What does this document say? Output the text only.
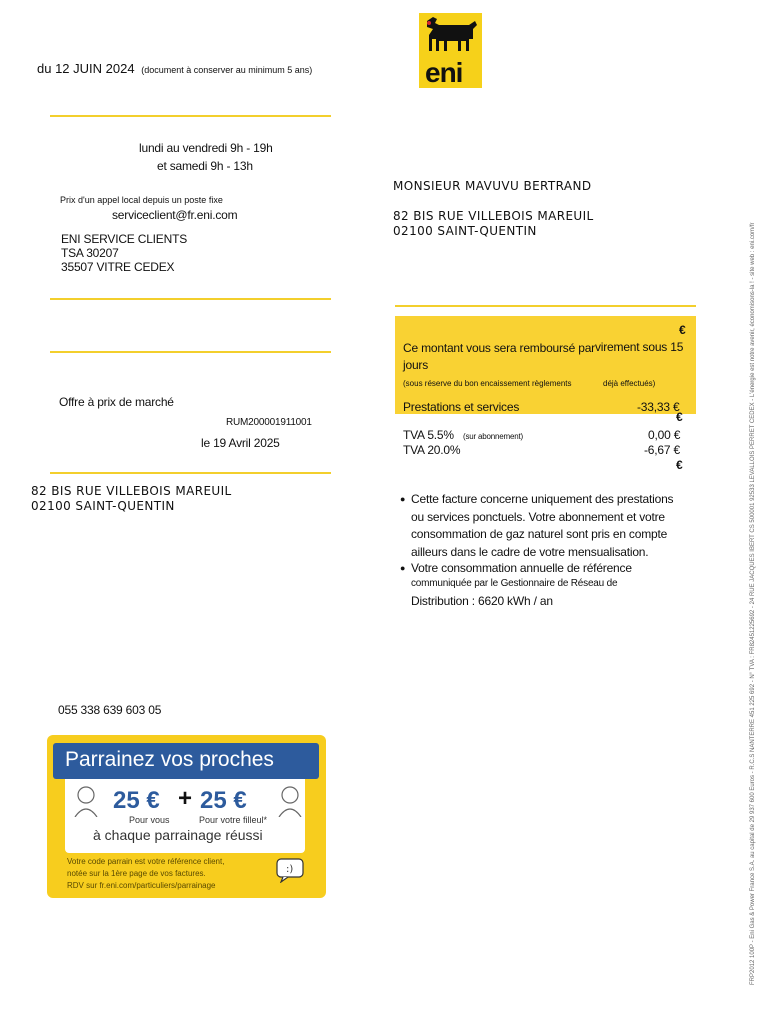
du 12 JUIN 2024 (document à conserver au minimum 5 ans)	eni
lundi au vendredi 9h - 19h
et samedi 9h - 13h
Prix d'un appel local depuis un poste fixe
serviceclient@fr.eni.com
ENI SERVICE CLIENTS
TSA 30207
35507 VITRE CEDEX
Offre à prix de marché
RUM200001911001
le 19 Avril 2025
82 BIS RUE VILLEBOIS MAREUIL
02100 SAINT-QUENTIN
MONSIEUR MAVUVU BERTRAND
82 BIS RUE VILLEBOIS MAREUIL
02100 SAINT-QUENTIN
€
Ce montant vous sera remboursé par virement sous 15
jours
(sous réserve du bon encaissement règlements	déjà effectués)
Prestations et services	-33,33 €
€
TVA 5.5% (sur abonnement)	0,00 €
TVA 20.0%	-6,67 €
€
● Cette facture concerne uniquement des prestations
ou services ponctuels. Votre abonnement et votre
consommation de gaz naturel sont pris en compte
ailleurs dans le cadre de votre mensualisation.
● Votre consommation annuelle de référence
communiquée par le Gestionnaire de Réseau de
Distribution : 6620 kWh / an
055 338 639 603 05
Parrainez vos proches
25 € + 25 €
Pour vous	Pour votre filleul*
à chaque parrainage réussi
Votre code parrain est votre référence client,
notée sur la 1ère page de vos factures.
RDV sur fr.eni.com/particuliers/parrainage
:)	FRP2012 100P - Eni Gas & Power France S.A. au capital de 29 937 600 Euros - R.C.S NANTERRE 451 225 692 - N° TVA : FR82451225692 - 24 RUE JACQUES IBERT CS 500001 92533 LEVALLOIS PERRET CEDEX - L'énergie est notre avenir, économisons-la ! - site web : eni.com/fr
